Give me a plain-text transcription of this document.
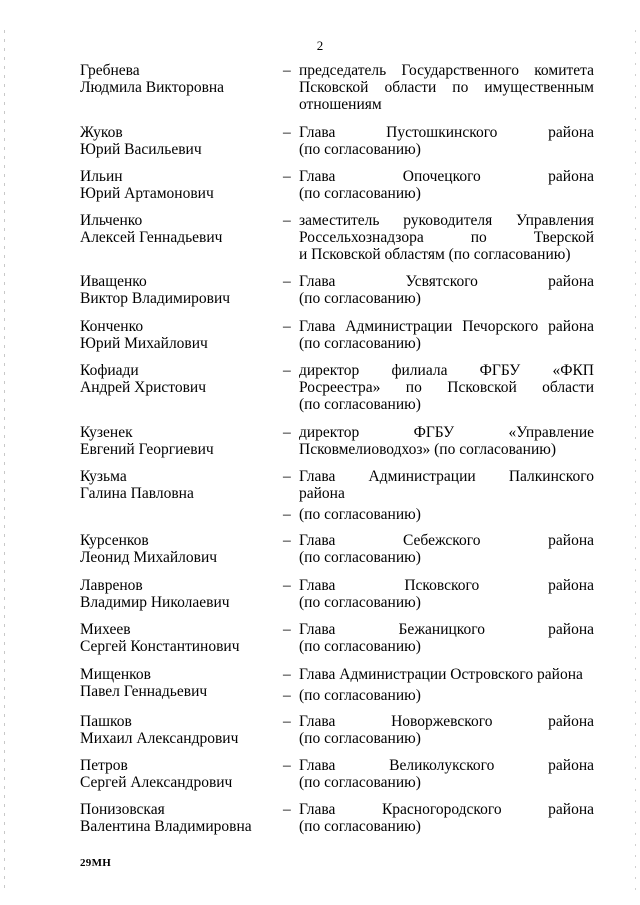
2
Гребнева
Людмила Викторовна
– председатель Государственного комитета
Псковской области по имущественным
отношениям
Жуков
Юрий Васильевич
– Глава Пустошкинского района
(по согласованию)
Ильин
Юрий Артамонович
– Глава Опочецкого района
(по согласованию)
Ильченко
Алексей Геннадьевич
– заместитель руководителя Управления
Россельхознадзора по Тверской
и Псковской областям (по согласованию)
Иващенко
Виктор Владимирович
– Глава Усвятского района
(по согласованию)
Конченко
Юрий Михайлович
– Глава Администрации Печорского района
(по согласованию)
Кофиади
Андрей Христович
– директор филиала ФГБУ «ФКП
Росреестра» по Псковской области
(по согласованию)
Кузенек
Евгений Георгиевич
– директор ФГБУ «Управление
Псковмелиоводхоз» (по согласованию)
Кузьма
Галина Павловна
– Глава Администрации Палкинского
района
– (по согласованию)
Курсенков
Леонид Михайлович
– Глава Себежского района
(по согласованию)
Лавренов
Владимир Николаевич
– Глава Псковского района
(по согласованию)
Михеев
Сергей Константинович
– Глава Бежаницкого района
(по согласованию)
Мищенков
Павел Геннадьевич
– Глава Администрации Островского района
– (по согласованию)
Пашков
Михаил Александрович
– Глава Новоржевского района
(по согласованию)
Петров
Сергей Александрович
– Глава Великолукского района
(по согласованию)
Понизовская
Валентина Владимировна
– Глава Красногородского района
(по согласованию)
29МН
